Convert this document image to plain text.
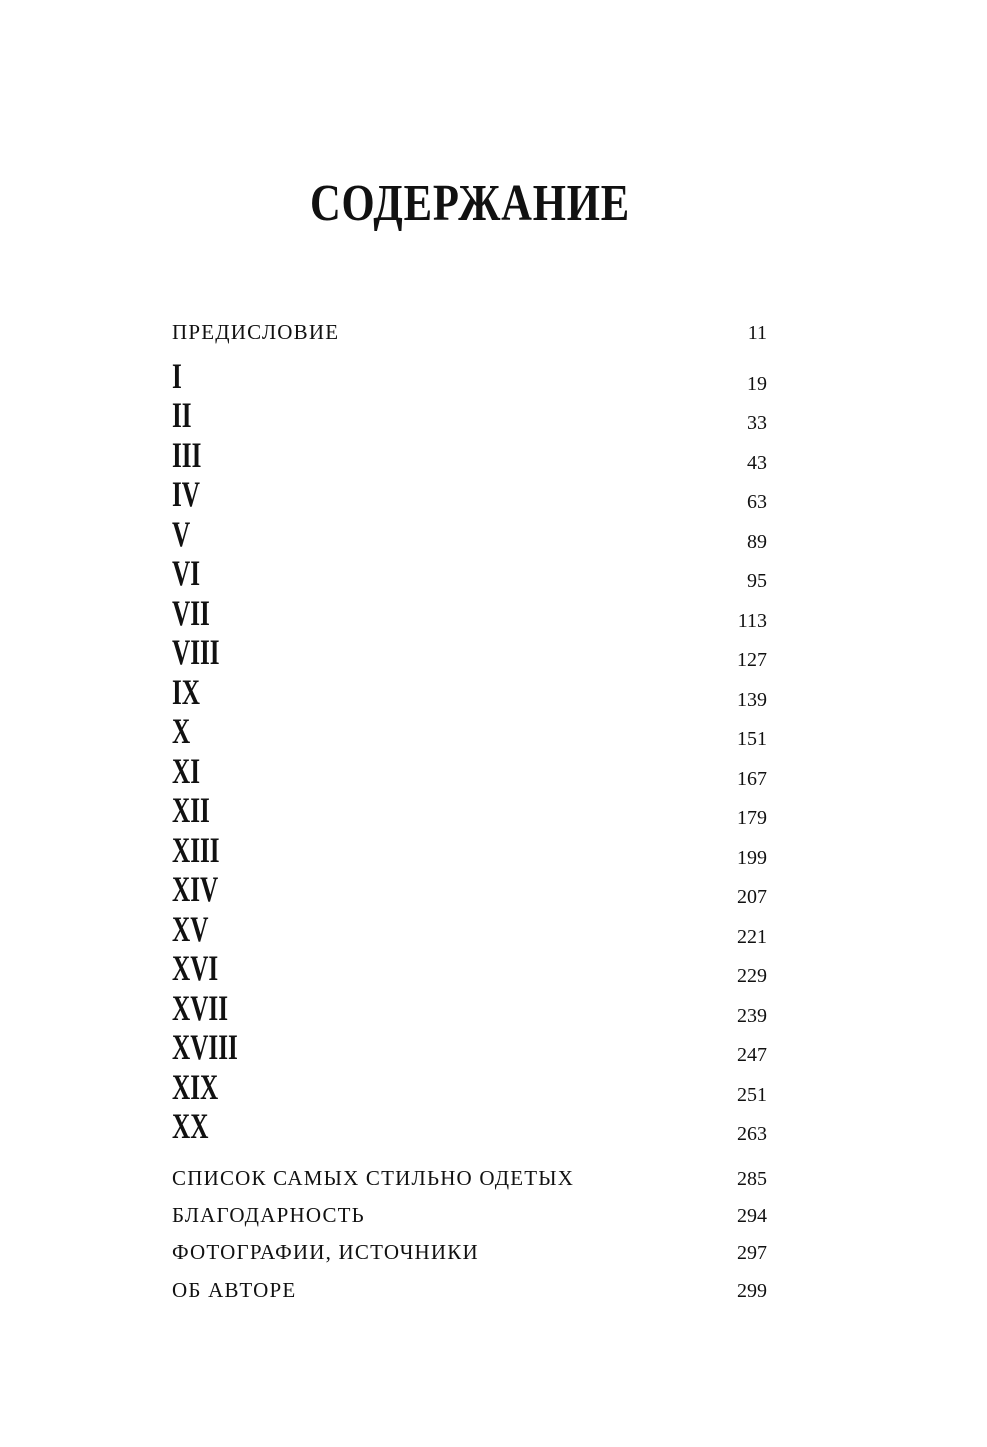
СОДЕРЖАНИЕ
ПРЕДИСЛОВИЕ	11
I	19
II	33
III	43
IV	63
V	89
VI	95
VII	113
VIII	127
IX	139
X	151
XI	167
XII	179
XIII	199
XIV	207
XV	221
XVI	229
XVII	239
XVIII	247
XIX	251
XX	263
СПИСОК САМЫХ СТИЛЬНО ОДЕТЫХ	285
БЛАГОДАРНОСТЬ	294
ФОТОГРАФИИ, ИСТОЧНИКИ	297
ОБ АВТОРЕ	299
